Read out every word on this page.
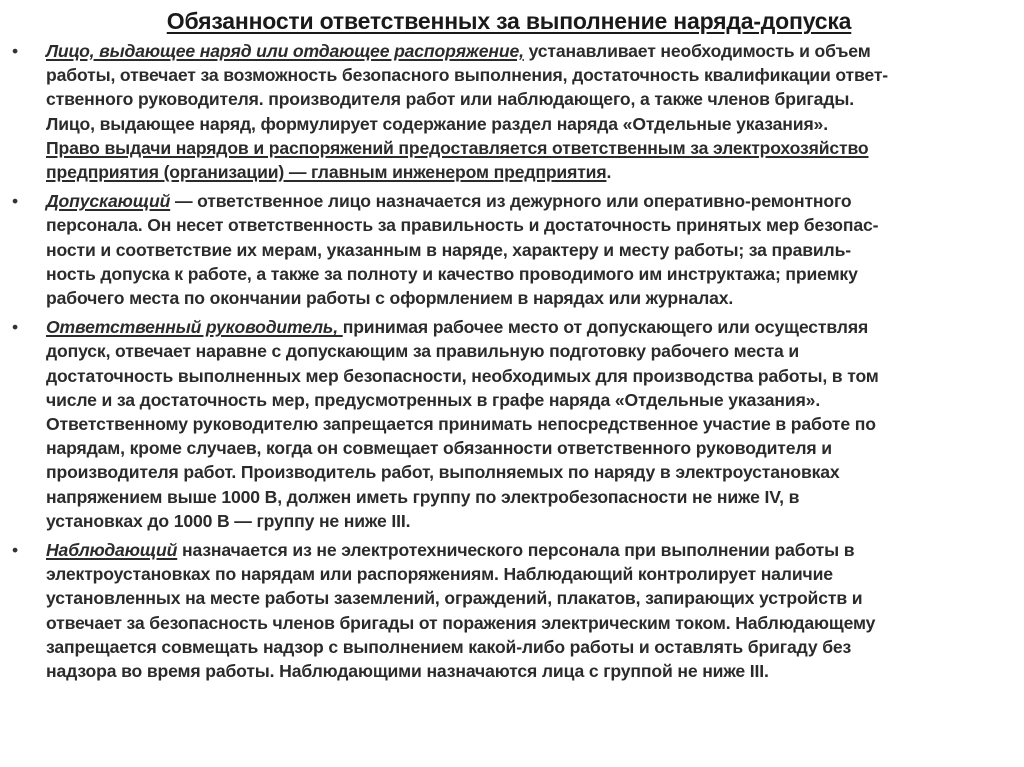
Обязанности ответственных за выполнение наряда-допуска
• Лицо, выдающее наряд или отдающее распоряжение, устанавливает необходимость и объем
работы, отвечает за возможность безопасного выполнения, достаточность квалификации ответ-
ственного руководителя. производителя работ или наблюдающего, а также членов бригады.
Лицо, выдающее наряд, формулирует содержание раздел наряда «Отдельные указания».
Право выдачи нарядов и распоряжений предоставляется ответственным за электрохозяйство
предприятия (организации) — главным инженером предприятия.
• Допускающий — ответственное лицо назначается из дежурного или оперативно-ремонтного
персонала. Он несет ответственность за правильность и достаточность принятых мер безопас-
ности и соответствие их мерам, указанным в наряде, характеру и месту работы; за правиль-
ность допуска к работе, а также за полноту и качество проводимого им инструктажа; приемку
рабочего места по окончании работы с оформлением в нарядах или журналах.
• Ответственный руководитель, принимая рабочее место от допускающего или осуществляя
допуск, отвечает наравне с допускающим за правильную подготовку рабочего места и
достаточность выполненных мер безопасности, необходимых для производства работы, в том
числе и за достаточность мер, предусмотренных в графе наряда «Отдельные указания».
Ответственному руководителю запрещается принимать непосредственное участие в работе по
нарядам, кроме случаев, когда он совмещает обязанности ответственного руководителя и
производителя работ. Производитель работ, выполняемых по наряду в электроустановках
напряжением выше 1000 В, должен иметь группу по электробезопасности не ниже IV, в
установках до 1000 В — группу не ниже III.
• Наблюдающий назначается из не электротехнического персонала при выполнении работы в
электроустановках по нарядам или распоряжениям. Наблюдающий контролирует наличие
установленных на месте работы заземлений, ограждений, плакатов, запирающих устройств и
отвечает за безопасность членов бригады от поражения электрическим током. Наблюдающему
запрещается совмещать надзор с выполнением какой-либо работы и оставлять бригаду без
надзора во время работы. Наблюдающими назначаются лица с группой не ниже III.
